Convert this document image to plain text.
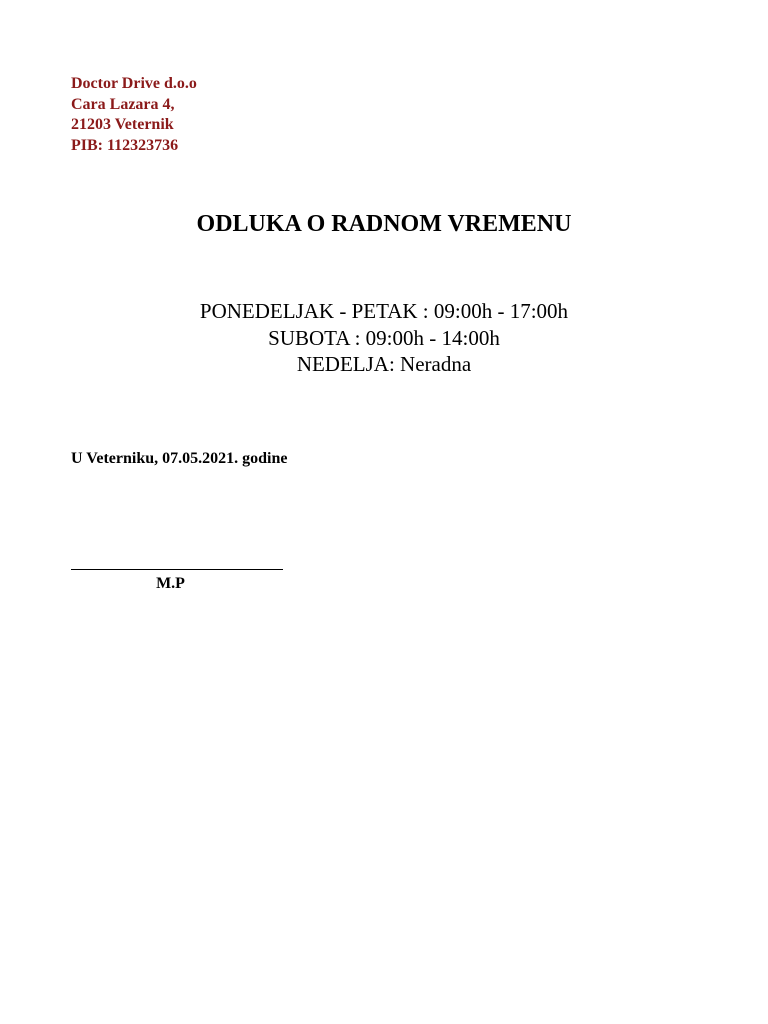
Doctor Drive d.o.o
Cara Lazara 4,
21203 Veternik
PIB: 112323736
ODLUKA O RADNOM VREMENU
PONEDELJAK - PETAK : 09:00h - 17:00h
SUBOTA : 09:00h - 14:00h
NEDELJA: Neradna
U Veterniku, 07.05.2021. godine
M.P
